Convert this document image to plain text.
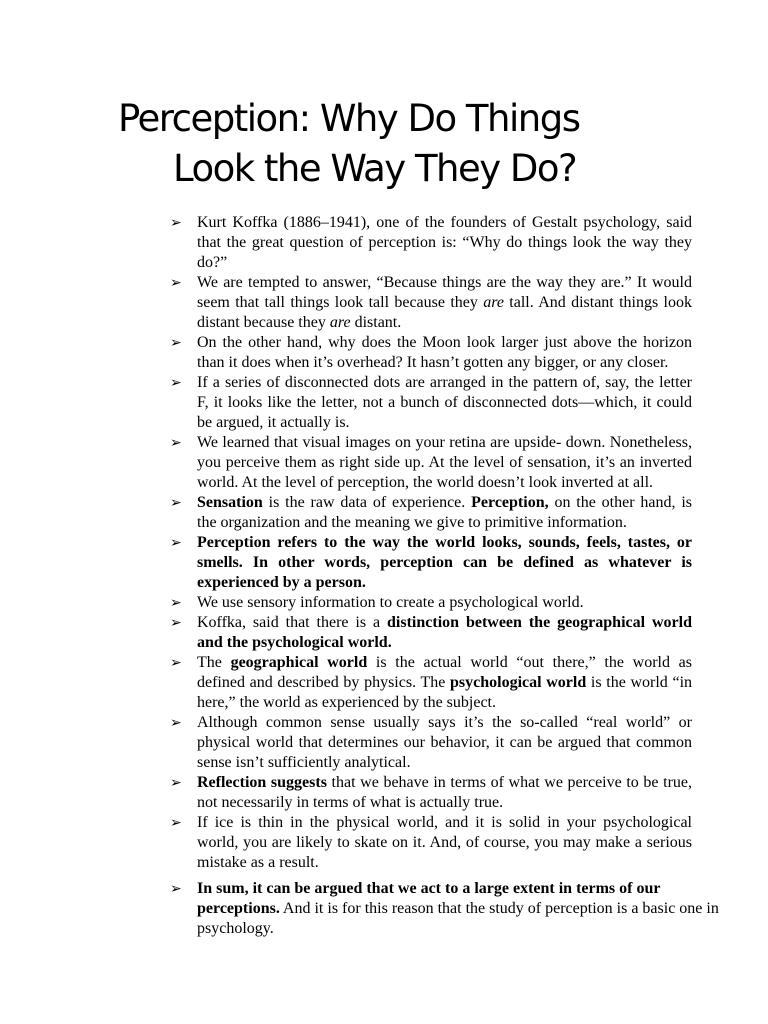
Perception: Why Do Things
Look the Way They Do?
➢ Kurt Koffka (1886–1941), one of the founders of Gestalt psychology, said that the great question of perception is: “Why do things look the way they do?”
➢ We are tempted to answer, “Because things are the way they are.” It would seem that tall things look tall because they are tall. And distant things look distant because they are distant.
➢ On the other hand, why does the Moon look larger just above the horizon than it does when it’s overhead? It hasn’t gotten any bigger, or any closer.
➢ If a series of disconnected dots are arranged in the pattern of, say, the letter F, it looks like the letter, not a bunch of disconnected dots—which, it could be argued, it actually is.
➢ We learned that visual images on your retina are upside- down. Nonetheless, you perceive them as right side up. At the level of sensation, it’s an inverted world. At the level of perception, the world doesn’t look inverted at all.
➢ Sensation is the raw data of experience. Perception, on the other hand, is the organization and the meaning we give to primitive information.
➢ Perception refers to the way the world looks, sounds, feels, tastes, or smells. In other words, perception can be defined as whatever is experienced by a person.
➢ We use sensory information to create a psychological world.
➢ Koffka, said that there is a distinction between the geographical world and the psychological world.
➢ The geographical world is the actual world “out there,” the world as defined and described by physics. The psychological world is the world “in here,” the world as experienced by the subject.
➢ Although common sense usually says it’s the so-called “real world” or physical world that determines our behavior, it can be argued that common sense isn’t sufficiently analytical.
➢ Reflection suggests that we behave in terms of what we perceive to be true, not necessarily in terms of what is actually true.
➢ If ice is thin in the physical world, and it is solid in your psychological world, you are likely to skate on it. And, of course, you may make a serious mistake as a result.
➢ In sum, it can be argued that we act to a large extent in terms of our perceptions. And it is for this reason that the study of perception is a basic one in psychology.
